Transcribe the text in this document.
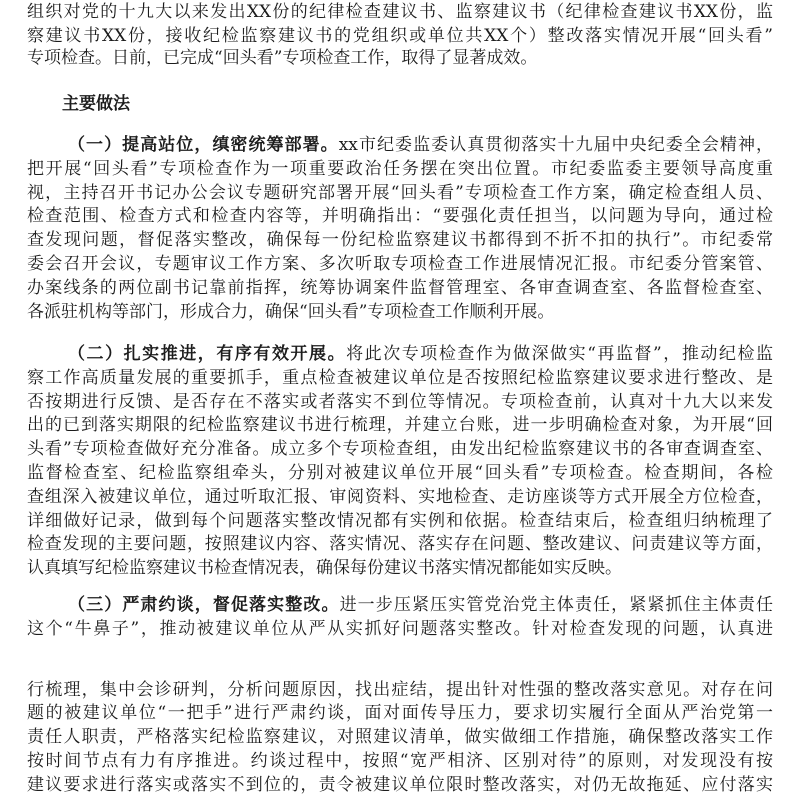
组织对党的十九大以来发出XX份的纪律检查建议书、监察建议书（纪律检查建议书XX份，监
察建议书XX份，接收纪检监察建议书的党组织或单位共XX个）整改落实情况开展“回头看”
专项检查。日前，已完成“回头看”专项检查工作，取得了显著成效。
主要做法
（一）提高站位，缜密统筹部署。xx市纪委监委认真贯彻落实十九届中央纪委全会精神，
把开展“回头看”专项检查作为一项重要政治任务摆在突出位置。市纪委监委主要领导高度重
视，主持召开书记办公会议专题研究部署开展“回头看”专项检查工作方案，确定检查组人员、
检查范围、检查方式和检查内容等，并明确指出：“要强化责任担当，以问题为导向，通过检
查发现问题，督促落实整改，确保每一份纪检监察建议书都得到不折不扣的执行”。市纪委常
委会召开会议，专题审议工作方案、多次听取专项检查工作进展情况汇报。市纪委分管案管、
办案线条的两位副书记靠前指挥，统筹协调案件监督管理室、各审查调查室、各监督检查室、
各派驻机构等部门，形成合力，确保“回头看”专项检查工作顺利开展。
（二）扎实推进，有序有效开展。将此次专项检查作为做深做实“再监督”，推动纪检监
察工作高质量发展的重要抓手，重点检查被建议单位是否按照纪检监察建议要求进行整改、是
否按期进行反馈、是否存在不落实或者落实不到位等情况。专项检查前，认真对十九大以来发
出的已到落实期限的纪检监察建议书进行梳理，并建立台账，进一步明确检查对象，为开展“回
头看”专项检查做好充分准备。成立多个专项检查组，由发出纪检监察建议书的各审查调查室、
监督检查室、纪检监察组牵头，分别对被建议单位开展“回头看”专项检查。检查期间，各检
查组深入被建议单位，通过听取汇报、审阅资料、实地检查、走访座谈等方式开展全方位检查，
详细做好记录，做到每个问题落实整改情况都有实例和依据。检查结束后，检查组归纳梳理了
检查发现的主要问题，按照建议内容、落实情况、落实存在问题、整改建议、问责建议等方面，
认真填写纪检监察建议书检查情况表，确保每份建议书落实情况都能如实反映。
（三）严肃约谈，督促落实整改。进一步压紧压实管党治党主体责任，紧紧抓住主体责任
这个“牛鼻子”，推动被建议单位从严从实抓好问题落实整改。针对检查发现的问题，认真进
行梳理，集中会诊研判，分析问题原因，找出症结，提出针对性强的整改落实意见。对存在问
题的被建议单位“一把手”进行严肃约谈，面对面传导压力，要求切实履行全面从严治党第一
责任人职责，严格落实纪检监察建议，对照建议清单，做实做细工作措施，确保整改落实工作
按时间节点有力有序推进。约谈过程中，按照“宽严相济、区别对待”的原则，对发现没有按
建议要求进行落实或落实不到位的，责令被建议单位限时整改落实，对仍无故拖延、应付落实
